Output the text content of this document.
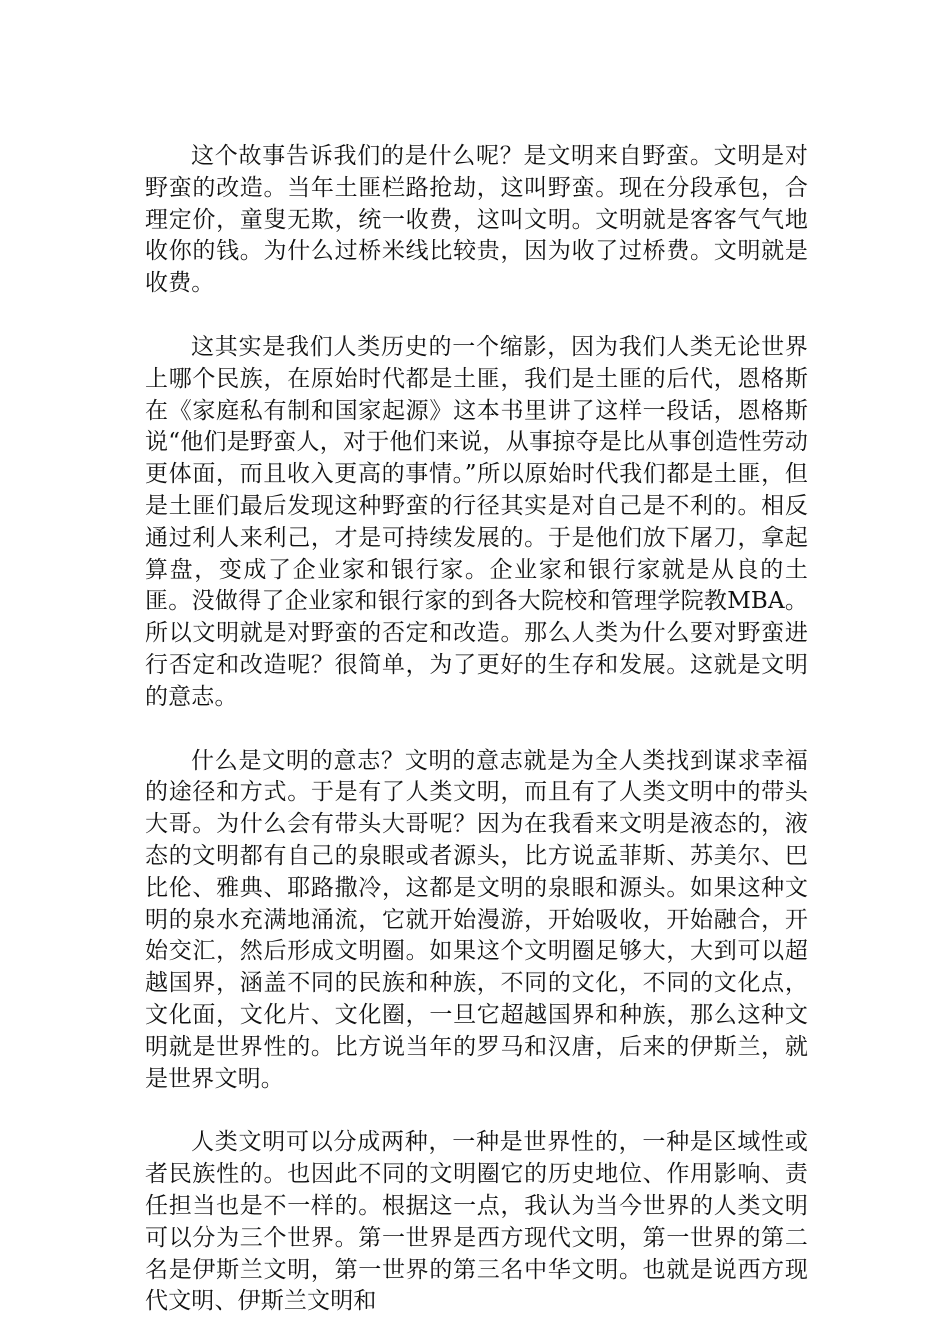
这个故事告诉我们的是什么呢？是文明来自野蛮。文明是对野蛮的改造。当年土匪栏路抢劫，这叫野蛮。现在分段承包，合理定价，童叟无欺，统一收费，这叫文明。文明就是客客气气地收你的钱。为什么过桥米线比较贵，因为收了过桥费。文明就是收费。

这其实是我们人类历史的一个缩影，因为我们人类无论世界上哪个民族，在原始时代都是土匪，我们是土匪的后代，恩格斯在《家庭私有制和国家起源》这本书里讲了这样一段话，恩格斯说“他们是野蛮人，对于他们来说，从事掠夺是比从事创造性劳动更体面，而且收入更高的事情。”所以原始时代我们都是土匪，但是土匪们最后发现这种野蛮的行径其实是对自己是不利的。相反通过利人来利己，才是可持续发展的。于是他们放下屠刀，拿起算盘，变成了企业家和银行家。企业家和银行家就是从良的土匪。没做得了企业家和银行家的到各大院校和管理学院教MBA。所以文明就是对野蛮的否定和改造。那么人类为什么要对野蛮进行否定和改造呢？很简单，为了更好的生存和发展。这就是文明的意志。

什么是文明的意志？文明的意志就是为全人类找到谋求幸福的途径和方式。于是有了人类文明，而且有了人类文明中的带头大哥。为什么会有带头大哥呢？因为在我看来文明是液态的，液态的文明都有自己的泉眼或者源头，比方说孟菲斯、苏美尔、巴比伦、雅典、耶路撒冷，这都是文明的泉眼和源头。如果这种文明的泉水充满地涌流，它就开始漫游，开始吸收，开始融合，开始交汇，然后形成文明圈。如果这个文明圈足够大，大到可以超越国界，涵盖不同的民族和种族，不同的文化，不同的文化点，文化面，文化片、文化圈，一旦它超越国界和种族，那么这种文明就是世界性的。比方说当年的罗马和汉唐，后来的伊斯兰，就是世界文明。

人类文明可以分成两种，一种是世界性的，一种是区域性或者民族性的。也因此不同的文明圈它的历史地位、作用影响、责任担当也是不一样的。根据这一点，我认为当今世界的人类文明可以分为三个世界。第一世界是西方现代文明，第一世界的第二名是伊斯兰文明，第一世界的第三名中华文明。也就是说西方现代文明、伊斯兰文明和
